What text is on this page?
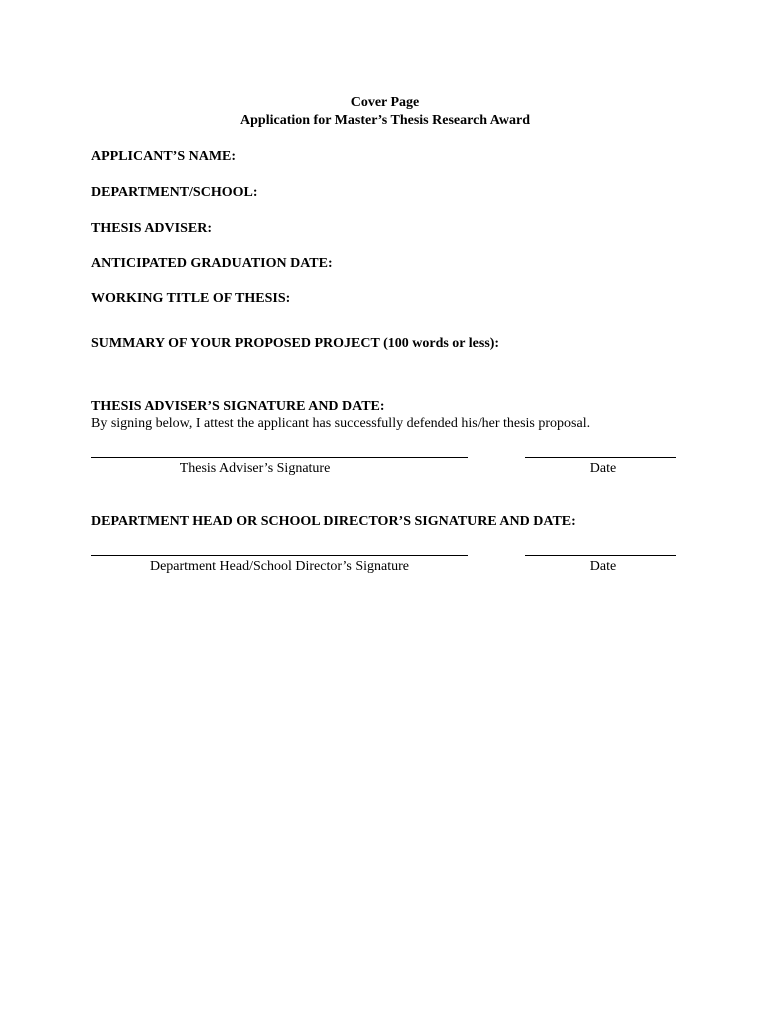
Cover Page
Application for Master’s Thesis Research Award
APPLICANT’S NAME:
DEPARTMENT/SCHOOL:
THESIS ADVISER:
ANTICIPATED GRADUATION DATE:
WORKING TITLE OF THESIS:
SUMMARY OF YOUR PROPOSED PROJECT (100 words or less):
THESIS ADVISER’S SIGNATURE AND DATE:
By signing below, I attest the applicant has successfully defended his/her thesis proposal.
Thesis Adviser’s Signature	Date
DEPARTMENT HEAD OR SCHOOL DIRECTOR’S SIGNATURE AND DATE:
Department Head/School Director’s Signature	Date
